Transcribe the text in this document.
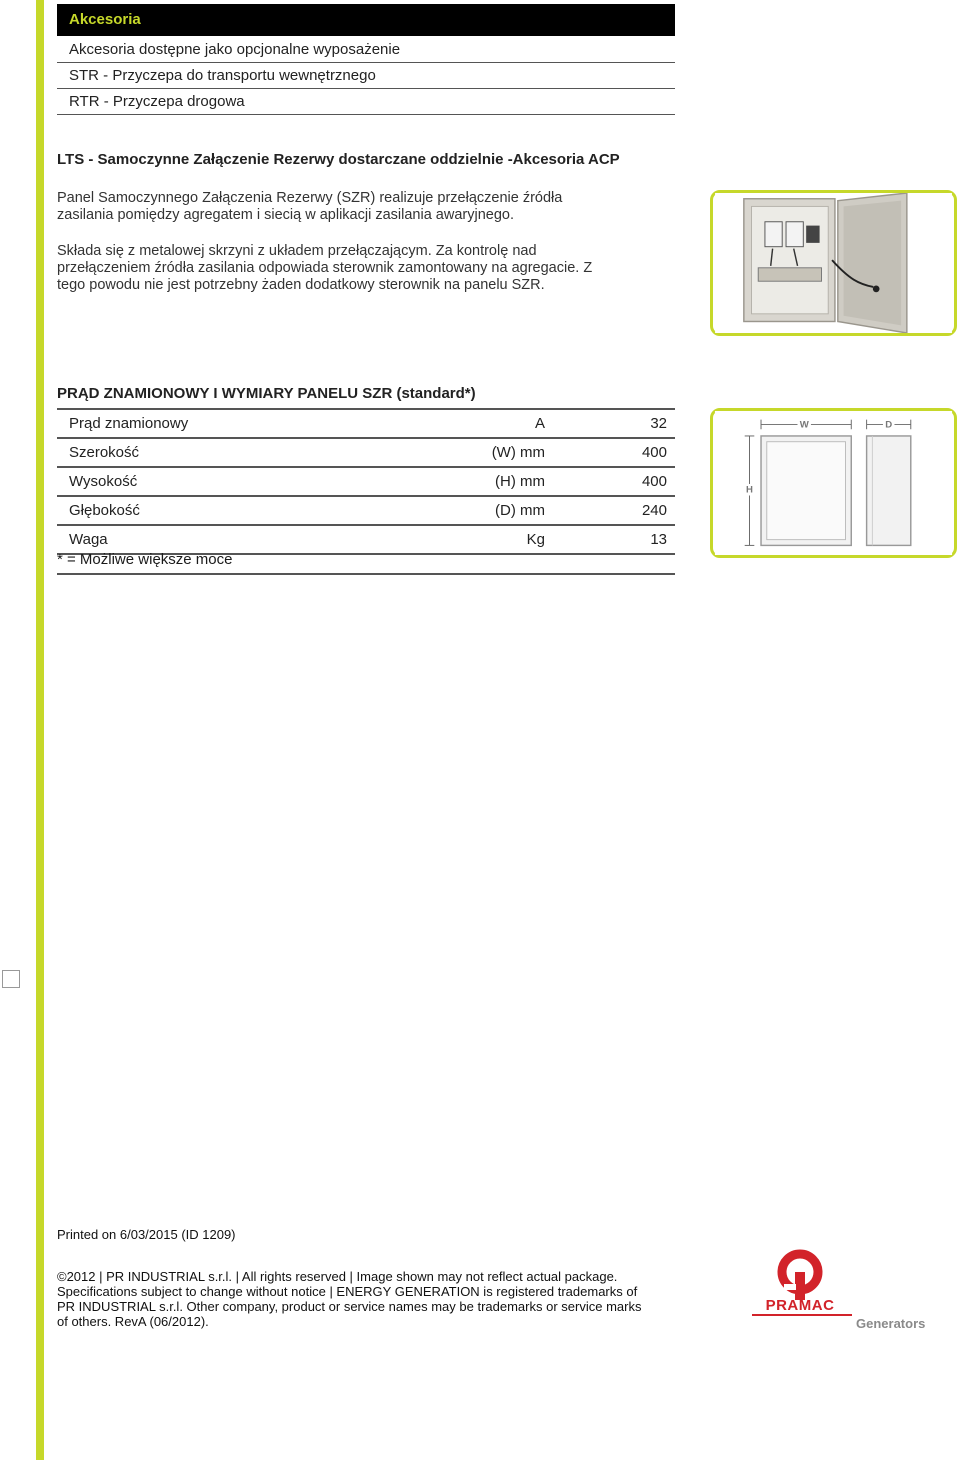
Akcesoria
Akcesoria dostępne jako opcjonalne wyposażenie
STR - Przyczepa do transportu wewnętrznego
RTR - Przyczepa drogowa
LTS - Samoczynne Załączenie Rezerwy dostarczane oddzielnie -Akcesoria ACP
Panel Samoczynnego Załączenia Rezerwy (SZR) realizuje przełączenie źródła
zasilania pomiędzy agregatem i siecią w aplikacji zasilania awaryjnego.
Składa się z metalowej skrzyni z układem przełączającym. Za kontrolę nad
przełączeniem źródła zasilania odpowiada sterownik zamontowany na agregacie. Z
tego powodu nie jest potrzebny żaden dodatkowy sterownik na panelu SZR.
PRĄD ZNAMIONOWY I WYMIARY PANELU SZR (standard*)
Prąd znamionowy	A	32
Szerokość	(W) mm	400
Wysokość	(H) mm	400
Głębokość	(D) mm	240
Waga	Kg	13
* = Możliwe większe moce
W
H
D
Printed on 6/03/2015 (ID 1209)
©2012 | PR INDUSTRIAL s.r.l. | All rights reserved | Image shown may not reflect actual package.
Specifications subject to change without notice | ENERGY GENERATION is registered trademarks of
PR INDUSTRIAL s.r.l. Other company, product or service names may be trademarks or service marks
of others. RevA (06/2012).
PRAMAC
Generators
